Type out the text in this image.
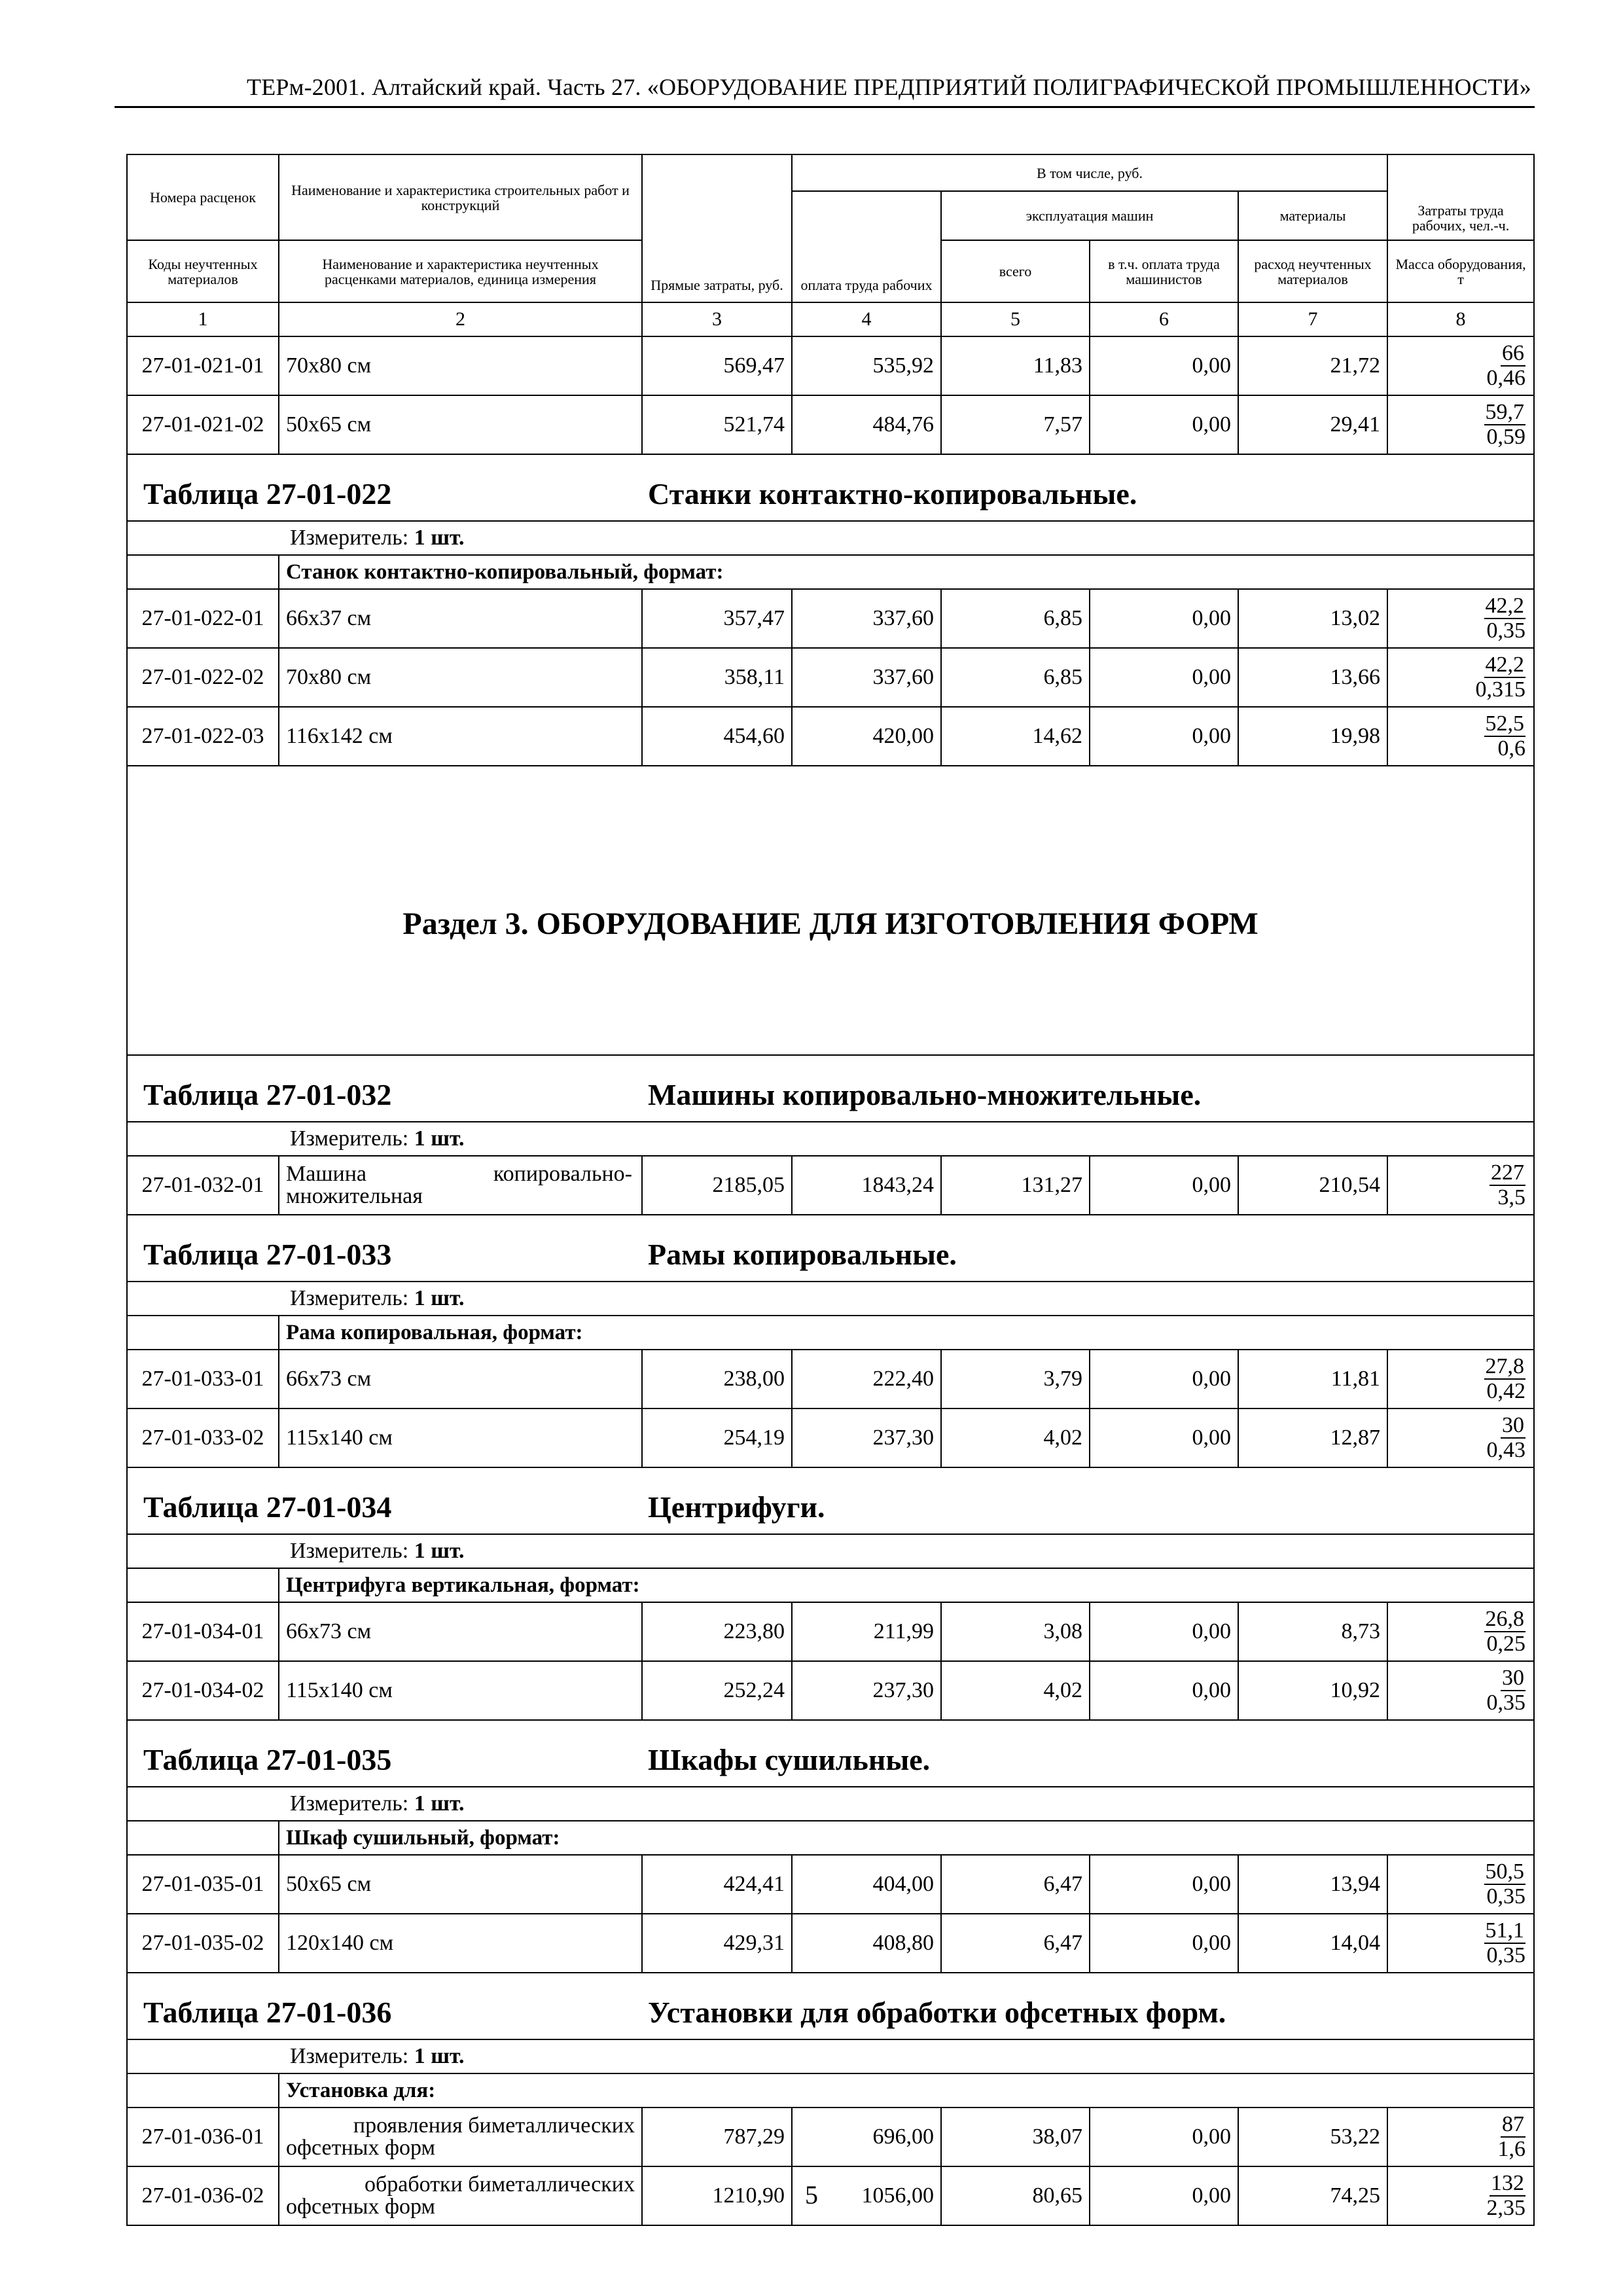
ТЕРм-2001. Алтайский край. Часть 27. «ОБОРУДОВАНИЕ ПРЕДПРИЯТИЙ ПОЛИГРАФИЧЕСКОЙ ПРОМЫШЛЕННОСТИ»
Номера расценок	Наименование и характеристика строительных работ и конструкций	Прямые затраты, руб.	В том числе, руб.				Затраты труда рабочих, чел.-ч.
			оплата труда рабочих	эксплуатация машин		материалы	
Коды неучтенных материалов	Наименование и характеристика неучтенных расценками материалов, единица измерения			всего	в т.ч. оплата труда машинистов	расход неучтенных материалов	Масса оборудования, т
1	2	3	4	5	6	7	8
27-01-021-01	70x80 см	569,47	535,92	11,83	0,00	21,72	66
0,46

27-01-021-02	50x65 см	521,74	484,76	7,57	0,00	29,41	59,7
0,59

Таблица 27-01-022 Станки контактно-копировальные.							

Измеритель: 1 шт.							
	Станок контактно-копировальный, формат:						
27-01-022-01	66x37 см	357,47	337,60	6,85	0,00	13,02	42,2
0,35

27-01-022-02	70x80 см	358,11	337,60	6,85	0,00	13,66	42,2
0,315

27-01-022-03	116x142 см	454,60	420,00	14,62	0,00	19,98	52,5
0,6

Раздел 3. ОБОРУДОВАНИЕ ДЛЯ ИЗГОТОВЛЕНИЯ ФОРМ							

Таблица 27-01-032 Машины копировально-множительные.							

Измеритель: 1 шт.							
27-01-032-01	Машина копировально-
множительная	2185,05	1843,24	131,27	0,00	210,54	227
3,5

Таблица 27-01-033 Рамы копировальные.							

Измеритель: 1 шт.							
	Рама копировальная, формат:						
27-01-033-01	66x73 см	238,00	222,40	3,79	0,00	11,81	27,8
0,42

27-01-033-02	115x140 см	254,19	237,30	4,02	0,00	12,87	30
0,43

Таблица 27-01-034 Центрифуги.							

Измеритель: 1 шт.							
	Центрифуга вертикальная, формат:						
27-01-034-01	66x73 см	223,80	211,99	3,08	0,00	8,73	26,8
0,25

27-01-034-02	115x140 см	252,24	237,30	4,02	0,00	10,92	30
0,35

Таблица 27-01-035 Шкафы сушильные.							

Измеритель: 1 шт.							
	Шкаф сушильный, формат:						
27-01-035-01	50x65 см	424,41	404,00	6,47	0,00	13,94	50,5
0,35

27-01-035-02	120x140 см	429,31	408,80	6,47	0,00	14,04	51,1
0,35

Таблица 27-01-036 Установки для обработки офсетных форм.							

Измеритель: 1 шт.							
	Установка для:						
27-01-036-01	проявления биметаллических
офсетных форм	787,29	696,00	38,07	0,00	53,22	87
1,6

27-01-036-02	обработки биметаллических
офсетных форм	1210,90	1056,00	80,65	0,00	74,25	132
2,35
5
